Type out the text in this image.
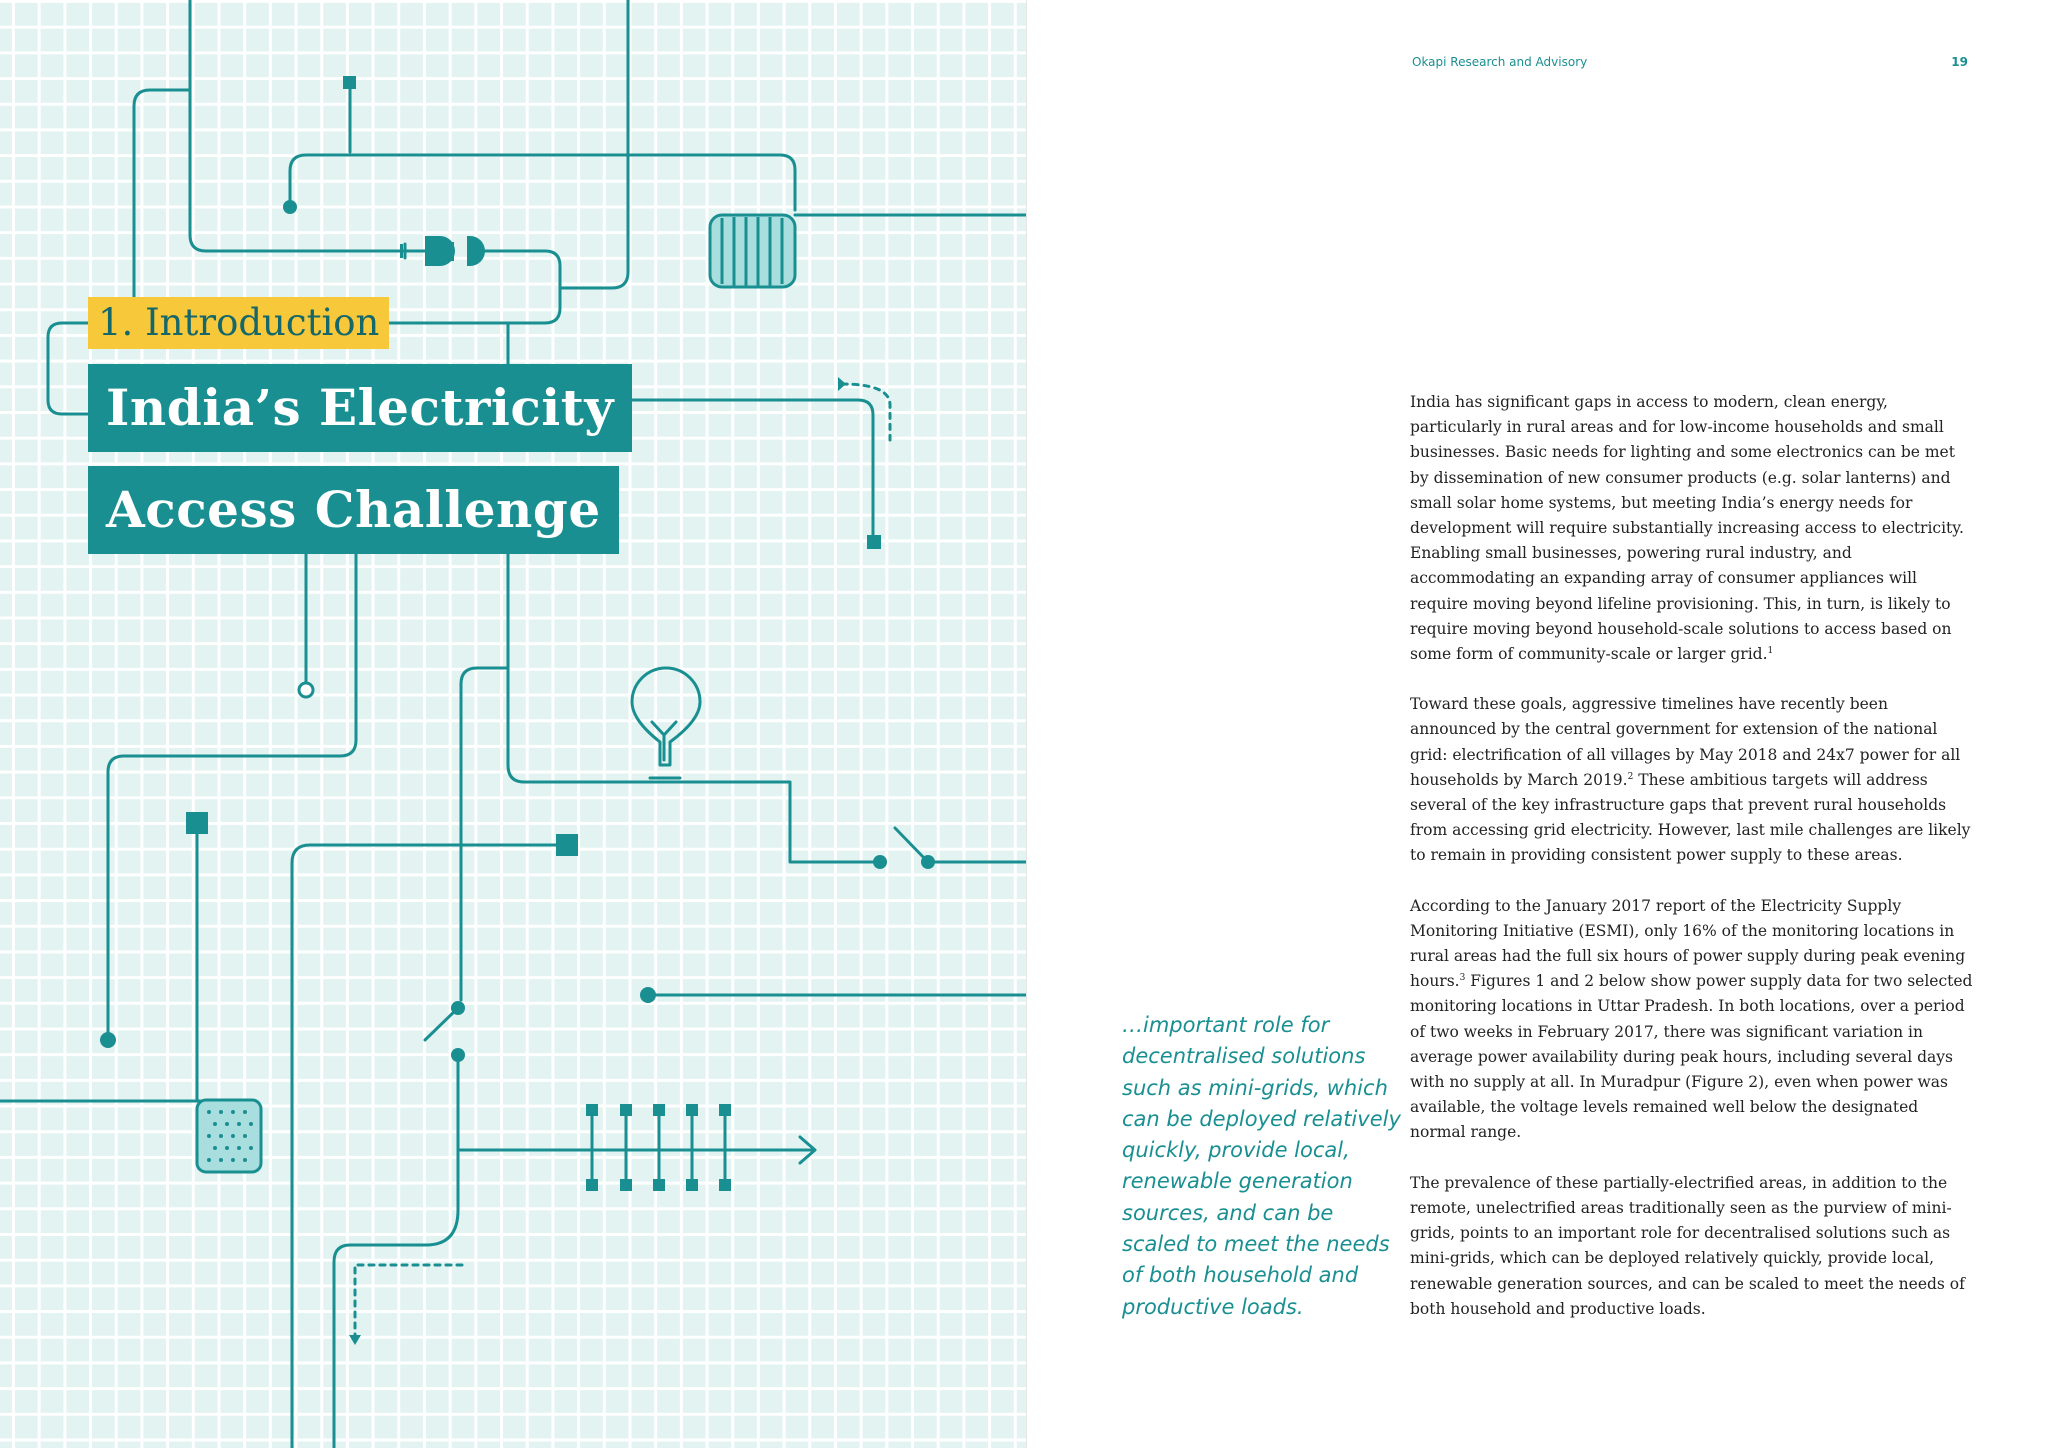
1. Introduction
India’s Electricity
Access Challenge
Okapi Research and Advisory	19
…important role for decentralised solutions such as mini-grids, which can be deployed relatively quickly, provide local, renewable generation sources, and can be scaled to meet the needs of both household and productive loads.

India has significant gaps in access to modern, clean energy, particularly in rural areas and for low-income households and small businesses. Basic needs for lighting and some electronics can be met by dissemination of new consumer products (e.g. solar lanterns) and small solar home systems, but meeting India’s energy needs for development will require substantially increasing access to electricity. Enabling small businesses, powering rural industry, and accommodating an expanding array of consumer appliances will require moving beyond lifeline provisioning. This, in turn, is likely to require moving beyond household-scale solutions to access based on some form of community-scale or larger grid.$^1$

Toward these goals, aggressive timelines have recently been announced by the central government for extension of the national grid: electrification of all villages by May 2018 and 24x7 power for all households by March 2019.$^2$ These ambitious targets will address several of the key infrastructure gaps that prevent rural households from accessing grid electricity. However, last mile challenges are likely to remain in providing consistent power supply to these areas.

According to the January 2017 report of the Electricity Supply Monitoring Initiative (ESMI), only 16% of the monitoring locations in rural areas had the full six hours of power supply during peak evening hours.$^3$ Figures 1 and 2 below show power supply data for two selected monitoring locations in Uttar Pradesh. In both locations, over a period of two weeks in February 2017, there was significant variation in average power availability during peak hours, including several days with no supply at all. In Muradpur (Figure 2), even when power was available, the voltage levels remained well below the designated normal range.

The prevalence of these partially-electrified areas, in addition to the remote, unelectrified areas traditionally seen as the purview of mini-grids, points to an important role for decentralised solutions such as mini-grids, which can be deployed relatively quickly, provide local, renewable generation sources, and can be scaled to meet the needs of both household and productive loads.
